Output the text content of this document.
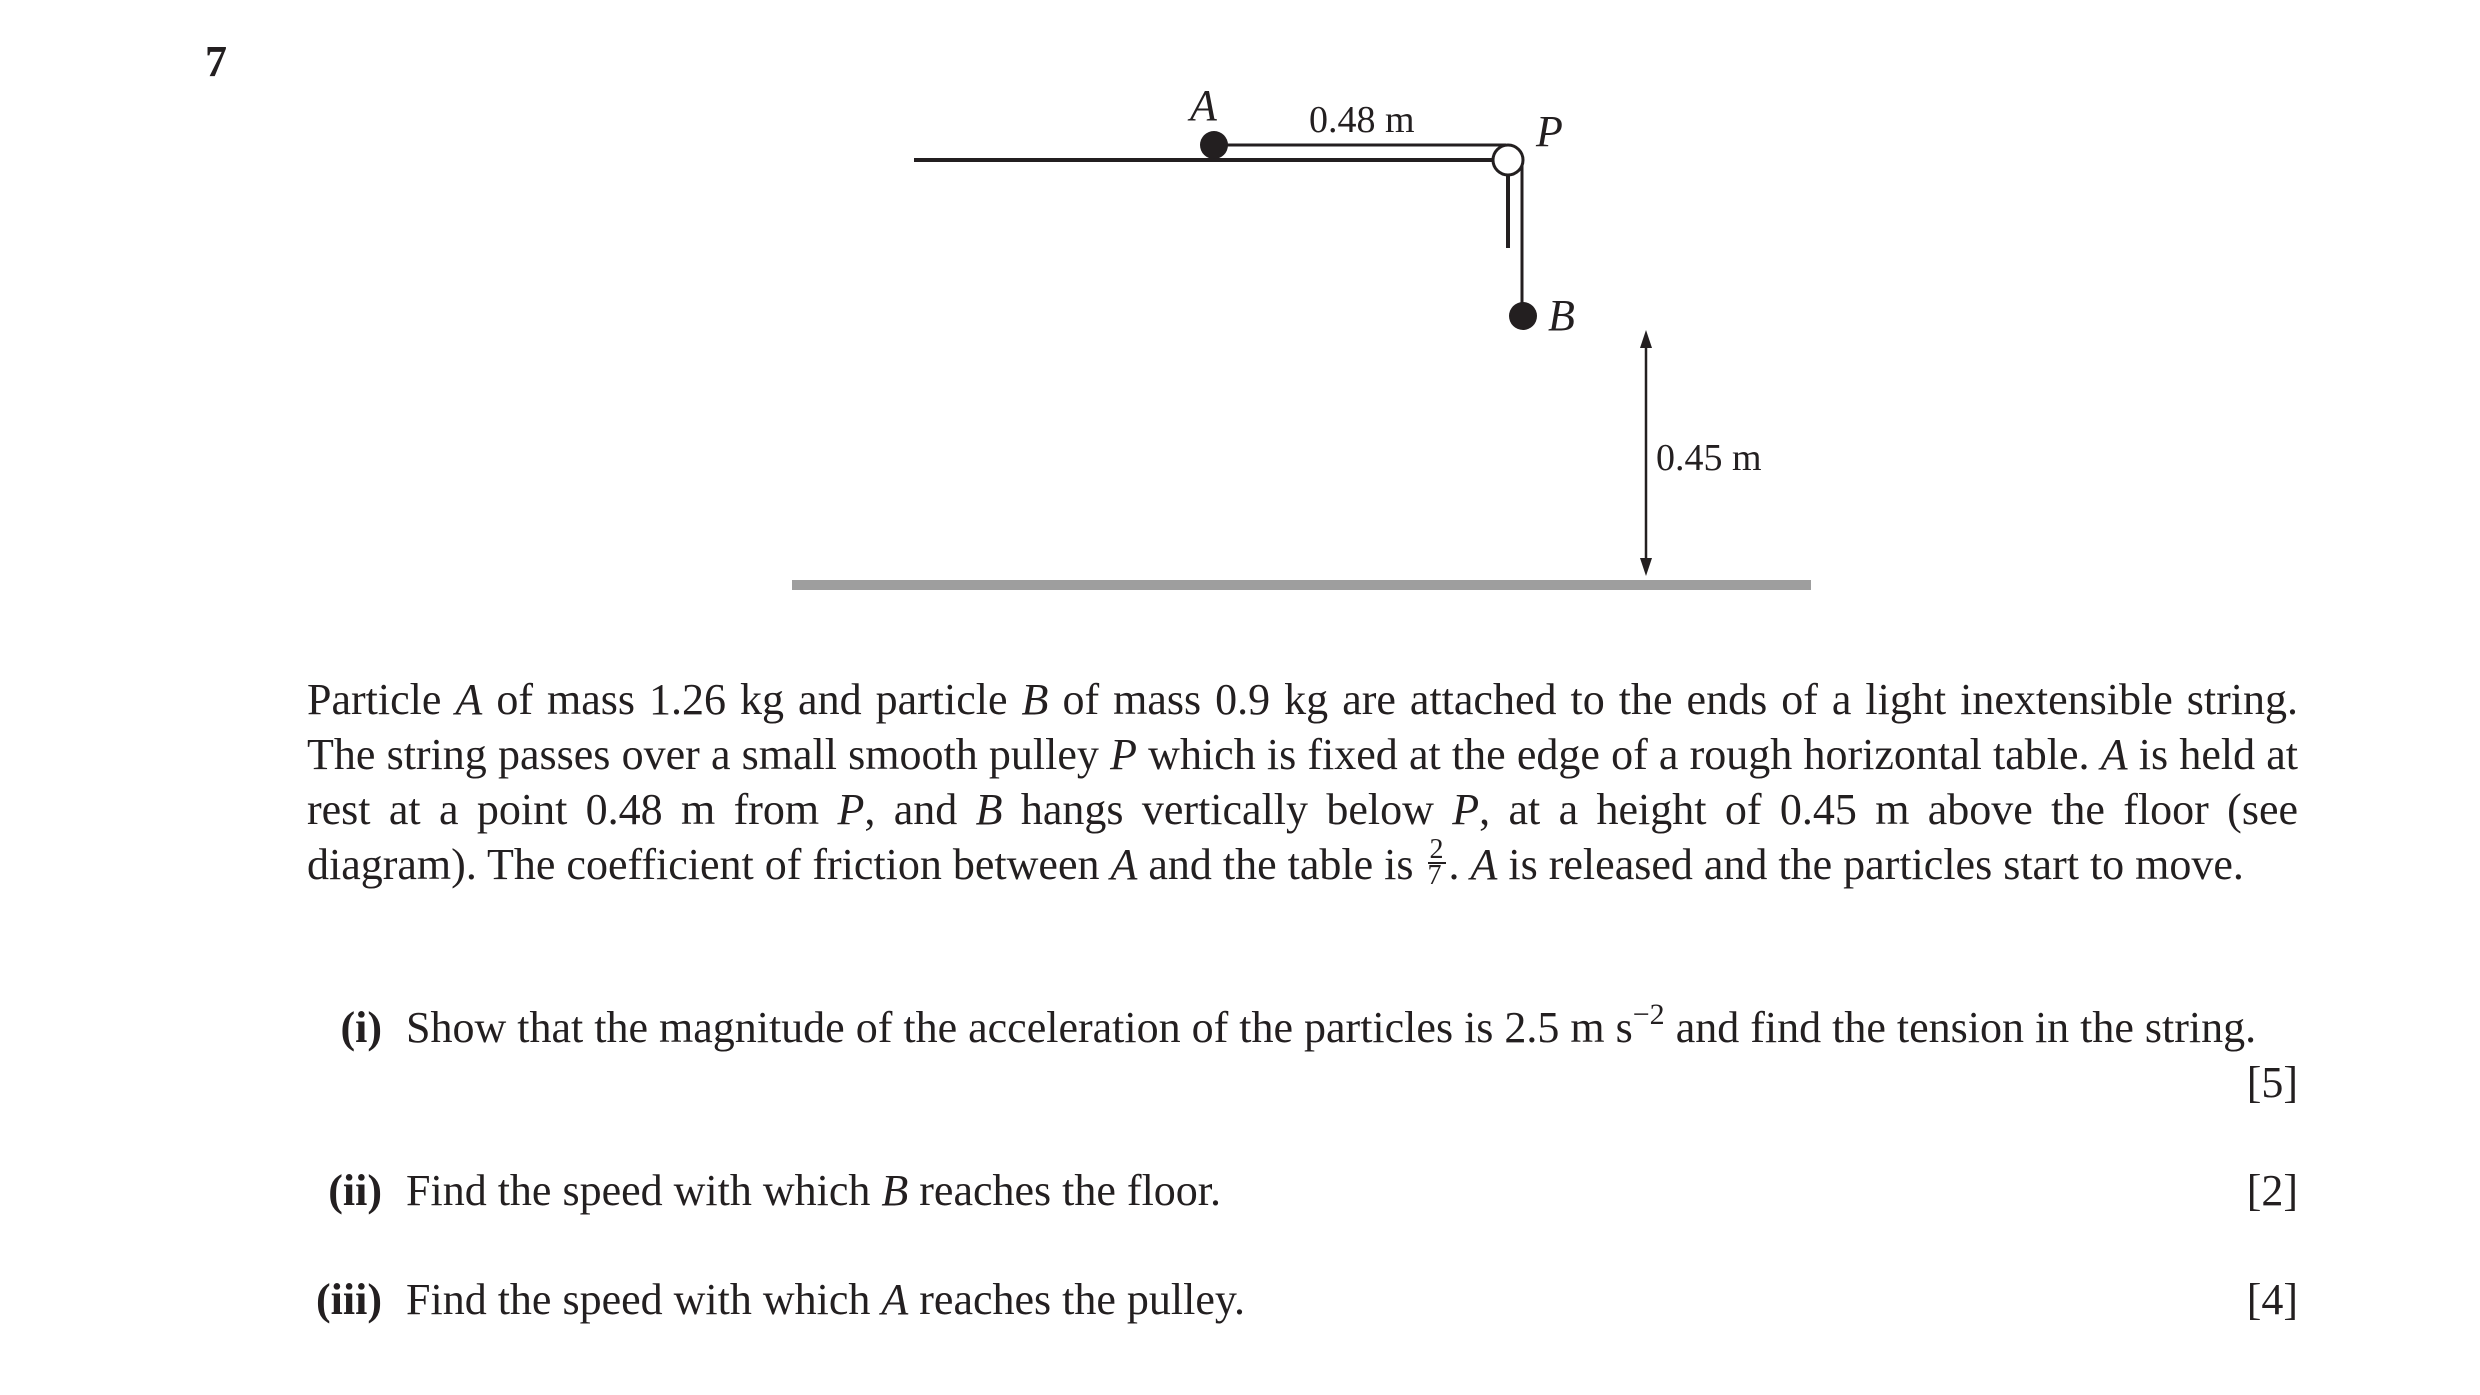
7
A
P
B
0.48 m
0.45 m
Particle A of mass 1.26 kg and particle B of mass 0.9 kg are attached to the ends of a light inextensible string. The string passes over a small smooth pulley P which is fixed at the edge of a rough horizontal table. A is held at rest at a point 0.48 m from P, and B hangs vertically below P, at a height of 0.45 m above the floor (see diagram). The coefficient of friction between A and the table is $\frac{2}{7}$ . A is released and the particles start to move.
(i) Show that the magnitude of the acceleration of the particles is 2.5 m $s^{-2}$ and find the tension in the string.
[5]
(ii) Find the speed with which B reaches the floor.	[2]
(iii) Find the speed with which A reaches the pulley.	[4]
